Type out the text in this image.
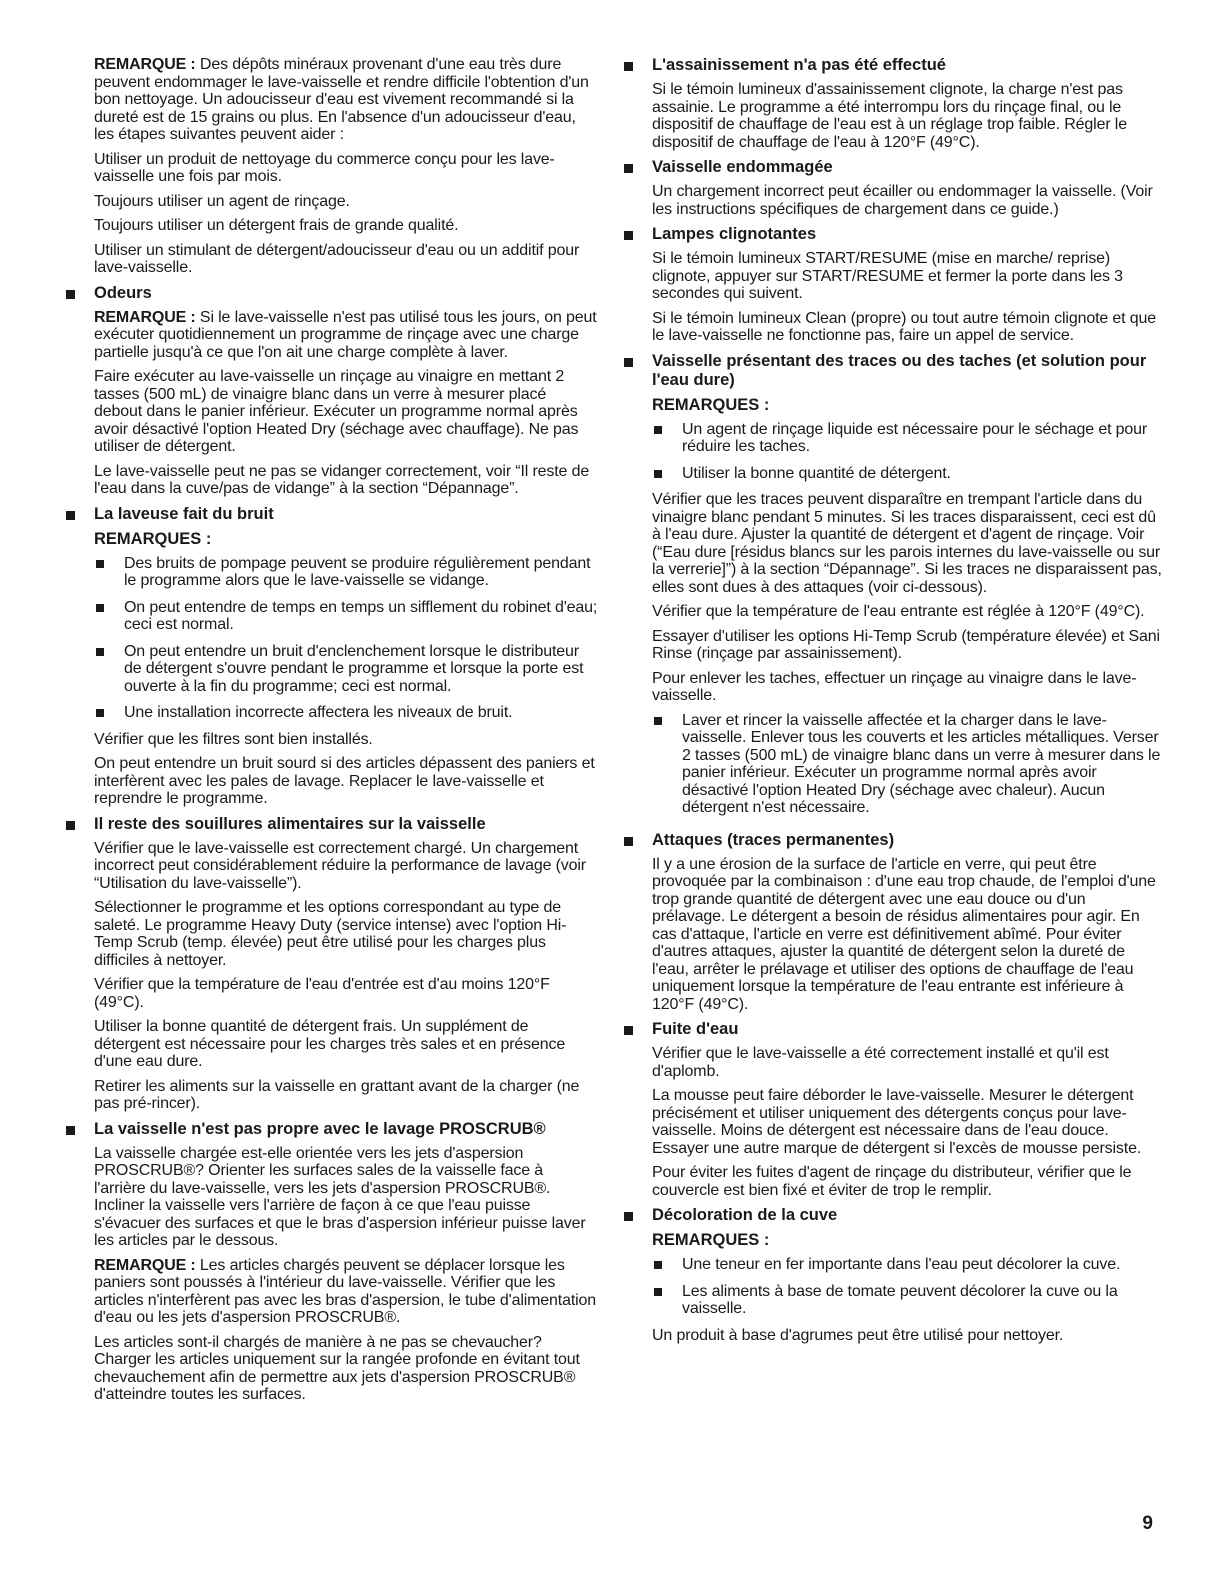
REMARQUE : Des dépôts minéraux provenant d'une eau très dure peuvent endommager le lave-vaisselle et rendre difficile l'obtention d'un bon nettoyage. Un adoucisseur d'eau est vivement recommandé si la dureté est de 15 grains ou plus. En l'absence d'un adoucisseur d'eau, les étapes suivantes peuvent aider :

Utiliser un produit de nettoyage du commerce conçu pour les lave-vaisselle une fois par mois.

Toujours utiliser un agent de rinçage.

Toujours utiliser un détergent frais de grande qualité.

Utiliser un stimulant de détergent/adoucisseur d'eau ou un additif pour lave-vaisselle.

Odeurs

REMARQUE : Si le lave-vaisselle n'est pas utilisé tous les jours, on peut exécuter quotidiennement un programme de rinçage avec une charge partielle jusqu'à ce que l'on ait une charge complète à laver.

Faire exécuter au lave-vaisselle un rinçage au vinaigre en mettant 2 tasses (500 mL) de vinaigre blanc dans un verre à mesurer placé debout dans le panier inférieur. Exécuter un programme normal après avoir désactivé l'option Heated Dry (séchage avec chauffage). Ne pas utiliser de détergent.

Le lave-vaisselle peut ne pas se vidanger correctement, voir “Il reste de l'eau dans la cuve/pas de vidange” à la section “Dépannage”.

La laveuse fait du bruit

REMARQUES :

Des bruits de pompage peuvent se produire régulièrement pendant le programme alors que le lave-vaisselle se vidange.
On peut entendre de temps en temps un sifflement du robinet d'eau; ceci est normal.
On peut entendre un bruit d'enclenchement lorsque le distributeur de détergent s'ouvre pendant le programme et lorsque la porte est ouverte à la fin du programme; ceci est normal.
Une installation incorrecte affectera les niveaux de bruit.

Vérifier que les filtres sont bien installés.

On peut entendre un bruit sourd si des articles dépassent des paniers et interfèrent avec les pales de lavage. Replacer le lave-vaisselle et reprendre le programme.

Il reste des souillures alimentaires sur la vaisselle

Vérifier que le lave-vaisselle est correctement chargé. Un chargement incorrect peut considérablement réduire la performance de lavage (voir “Utilisation du lave-vaisselle”).

Sélectionner le programme et les options correspondant au type de saleté. Le programme Heavy Duty (service intense) avec l'option Hi-Temp Scrub (temp. élevée) peut être utilisé pour les charges plus difficiles à nettoyer.

Vérifier que la température de l'eau d'entrée est d'au moins 120°F (49°C).

Utiliser la bonne quantité de détergent frais. Un supplément de détergent est nécessaire pour les charges très sales et en présence d'une eau dure.

Retirer les aliments sur la vaisselle en grattant avant de la charger (ne pas pré-rincer).

La vaisselle n'est pas propre avec le lavage PROSCRUB®

La vaisselle chargée est-elle orientée vers les jets d'aspersion PROSCRUB®? Orienter les surfaces sales de la vaisselle face à l'arrière du lave-vaisselle, vers les jets d'aspersion PROSCRUB®. Incliner la vaisselle vers l'arrière de façon à ce que l'eau puisse s'évacuer des surfaces et que le bras d'aspersion inférieur puisse laver les articles par le dessous.

REMARQUE : Les articles chargés peuvent se déplacer lorsque les paniers sont poussés à l'intérieur du lave-vaisselle. Vérifier que les articles n'interfèrent pas avec les bras d'aspersion, le tube d'alimentation d'eau ou les jets d'aspersion PROSCRUB®.

Les articles sont-il chargés de manière à ne pas se chevaucher? Charger les articles uniquement sur la rangée profonde en évitant tout chevauchement afin de permettre aux jets d'aspersion PROSCRUB® d'atteindre toutes les surfaces.

L'assainissement n'a pas été effectué

Si le témoin lumineux d'assainissement clignote, la charge n'est pas assainie. Le programme a été interrompu lors du rinçage final, ou le dispositif de chauffage de l'eau est à un réglage trop faible. Régler le dispositif de chauffage de l'eau à 120°F (49°C).

Vaisselle endommagée

Un chargement incorrect peut écailler ou endommager la vaisselle. (Voir les instructions spécifiques de chargement dans ce guide.)

Lampes clignotantes

Si le témoin lumineux START/RESUME (mise en marche/ reprise) clignote, appuyer sur START/RESUME et fermer la porte dans les 3 secondes qui suivent.

Si le témoin lumineux Clean (propre) ou tout autre témoin clignote et que le lave-vaisselle ne fonctionne pas, faire un appel de service.

Vaisselle présentant des traces ou des taches (et solution pour l'eau dure)

REMARQUES :

Un agent de rinçage liquide est nécessaire pour le séchage et pour réduire les taches.
Utiliser la bonne quantité de détergent.

Vérifier que les traces peuvent disparaître en trempant l'article dans du vinaigre blanc pendant 5 minutes. Si les traces disparaissent, ceci est dû à l'eau dure. Ajuster la quantité de détergent et d'agent de rinçage. Voir (“Eau dure [résidus blancs sur les parois internes du lave-vaisselle ou sur la verrerie]”) à la section “Dépannage”. Si les traces ne disparaissent pas, elles sont dues à des attaques (voir ci-dessous).

Vérifier que la température de l'eau entrante est réglée à 120°F (49°C).

Essayer d'utiliser les options Hi-Temp Scrub (température élevée) et Sani Rinse (rinçage par assainissement).

Pour enlever les taches, effectuer un rinçage au vinaigre dans le lave-vaisselle.

Laver et rincer la vaisselle affectée et la charger dans le lave-vaisselle. Enlever tous les couverts et les articles métalliques. Verser 2 tasses (500 mL) de vinaigre blanc dans un verre à mesurer dans le panier inférieur. Exécuter un programme normal après avoir désactivé l'option Heated Dry (séchage avec chaleur). Aucun détergent n'est nécessaire.

Attaques (traces permanentes)

Il y a une érosion de la surface de l'article en verre, qui peut être provoquée par la combinaison : d'une eau trop chaude, de l'emploi d'une trop grande quantité de détergent avec une eau douce ou d'un prélavage. Le détergent a besoin de résidus alimentaires pour agir. En cas d'attaque, l'article en verre est définitivement abîmé. Pour éviter d'autres attaques, ajuster la quantité de détergent selon la dureté de l'eau, arrêter le prélavage et utiliser des options de chauffage de l'eau uniquement lorsque la température de l'eau entrante est inférieure à 120°F (49°C).

Fuite d'eau

Vérifier que le lave-vaisselle a été correctement installé et qu'il est d'aplomb.

La mousse peut faire déborder le lave-vaisselle. Mesurer le détergent précisément et utiliser uniquement des détergents conçus pour lave-vaisselle. Moins de détergent est nécessaire dans de l'eau douce. Essayer une autre marque de détergent si l'excès de mousse persiste.

Pour éviter les fuites d'agent de rinçage du distributeur, vérifier que le couvercle est bien fixé et éviter de trop le remplir.

Décoloration de la cuve

REMARQUES :

Une teneur en fer importante dans l'eau peut décolorer la cuve.
Les aliments à base de tomate peuvent décolorer la cuve ou la vaisselle.

Un produit à base d'agrumes peut être utilisé pour nettoyer.

9
